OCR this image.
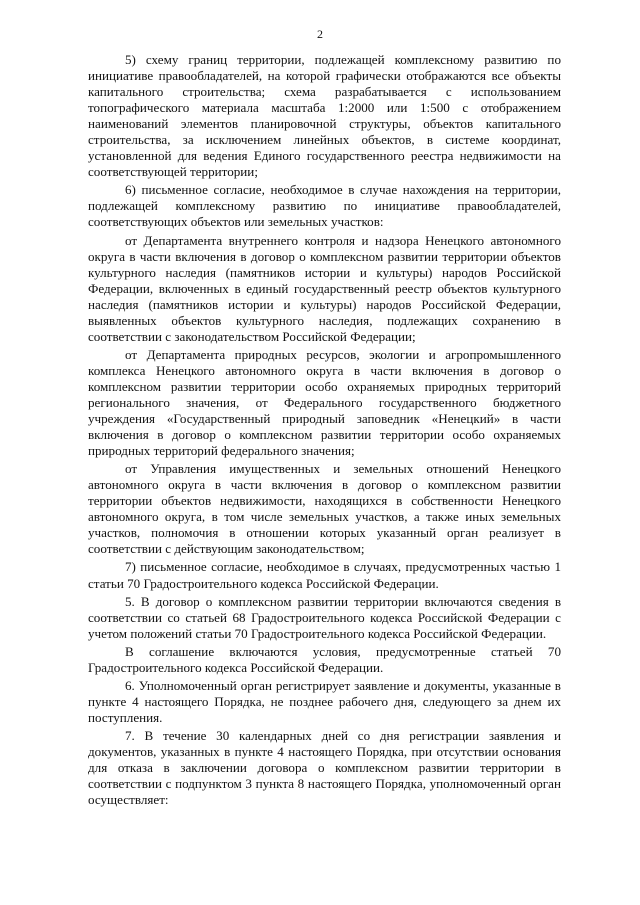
2

5) схему границ территории, подлежащей комплексному развитию по инициативе правообладателей, на которой графически отображаются все объекты капитального строительства; схема разрабатывается с использованием топографического материала масштаба 1:2000 или 1:500 с отображением наименований элементов планировочной структуры, объектов капитального строительства, за исключением линейных объектов, в системе координат, установленной для ведения Единого государственного реестра недвижимости на соответствующей территории;

6) письменное согласие, необходимое в случае нахождения на территории, подлежащей комплексному развитию по инициативе правообладателей, соответствующих объектов или земельных участков:

от Департамента внутреннего контроля и надзора Ненецкого автономного округа в части включения в договор о комплексном развитии территории объектов культурного наследия (памятников истории и культуры) народов Российской Федерации, включенных в единый государственный реестр объектов культурного наследия (памятников истории и культуры) народов Российской Федерации, выявленных объектов культурного наследия, подлежащих сохранению в соответствии с законодательством Российской Федерации;

от Департамента природных ресурсов, экологии и агропромышленного комплекса Ненецкого автономного округа в части включения в договор о комплексном развитии территории особо охраняемых природных территорий регионального значения, от Федерального государственного бюджетного учреждения «Государственный природный заповедник «Ненецкий» в части включения в договор о комплексном развитии территории особо охраняемых природных территорий федерального значения;

от Управления имущественных и земельных отношений Ненецкого автономного округа в части включения в договор о комплексном развитии территории объектов недвижимости, находящихся в собственности Ненецкого автономного округа, в том числе земельных участков, а также иных земельных участков, полномочия в отношении которых указанный орган реализует в соответствии с действующим законодательством;

7) письменное согласие, необходимое в случаях, предусмотренных частью 1 статьи 70 Градостроительного кодекса Российской Федерации.

5. В договор о комплексном развитии территории включаются сведения в соответствии со статьей 68 Градостроительного кодекса Российской Федерации с учетом положений статьи 70 Градостроительного кодекса Российской Федерации.

В соглашение включаются условия, предусмотренные статьей 70 Градостроительного кодекса Российской Федерации.

6. Уполномоченный орган регистрирует заявление и документы, указанные в пункте 4 настоящего Порядка, не позднее рабочего дня, следующего за днем их поступления.

7. В течение 30 календарных дней со дня регистрации заявления и документов, указанных в пункте 4 настоящего Порядка, при отсутствии основания для отказа в заключении договора о комплексном развитии территории в соответствии с подпунктом 3 пункта 8 настоящего Порядка, уполномоченный орган осуществляет:
